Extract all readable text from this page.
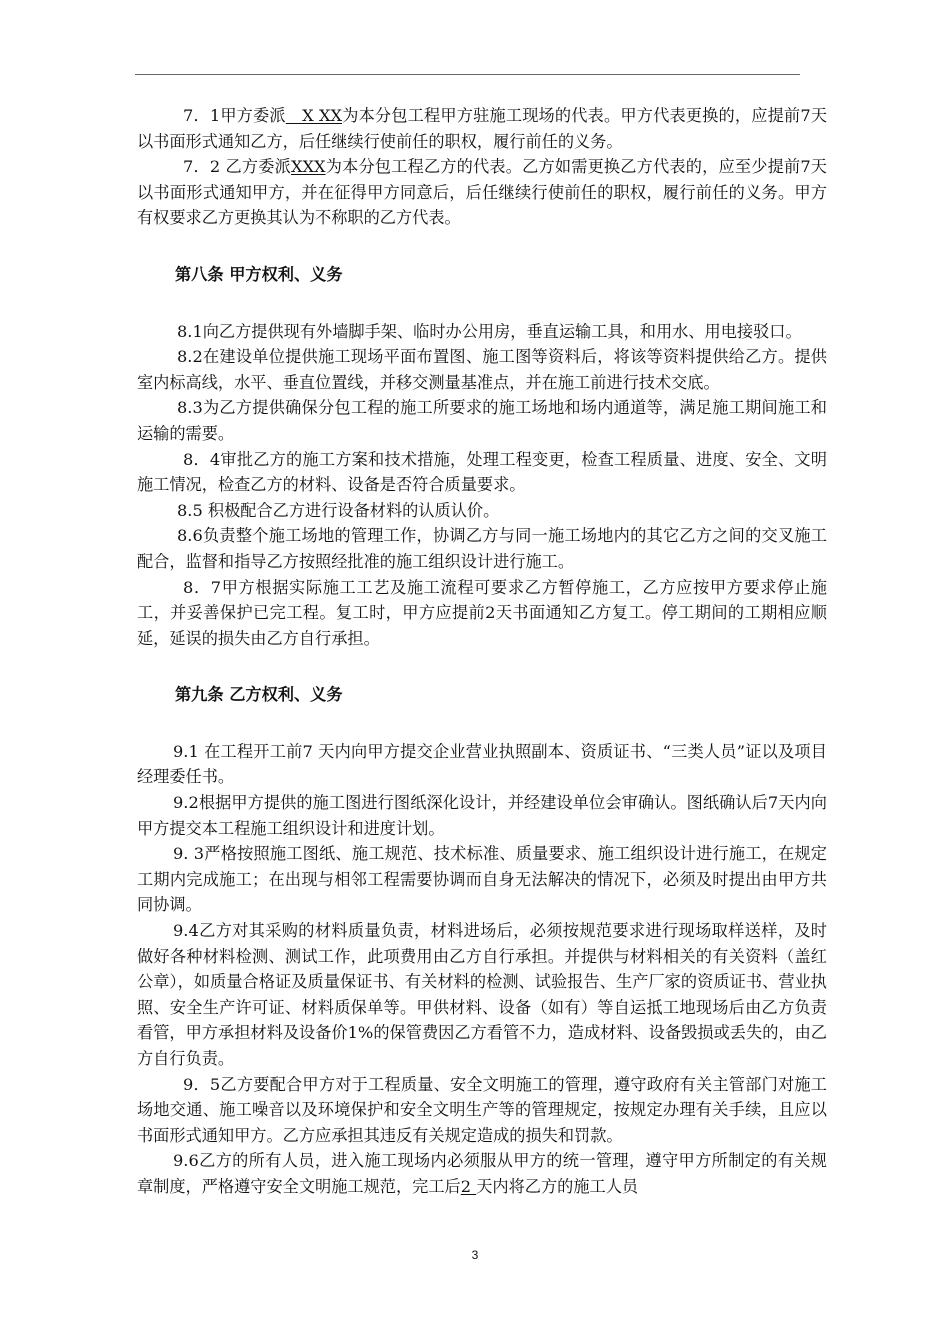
7．1甲方委派　X XX为本分包工程甲方驻施工现场的代表。甲方代表更换的，应提前7天以书面形式通知乙方，后任继续行使前任的职权，履行前任的义务。

7．2 乙方委派XXX为本分包工程乙方的代表。乙方如需更换乙方代表的，应至少提前7天以书面形式通知甲方，并在征得甲方同意后，后任继续行使前任的职权，履行前任的义务。甲方有权要求乙方更换其认为不称职的乙方代表。

第八条 甲方权利、义务

8.1向乙方提供现有外墙脚手架、临时办公用房，垂直运输工具，和用水、用电接驳口。

8.2在建设单位提供施工现场平面布置图、施工图等资料后，将该等资料提供给乙方。提供室内标高线，水平、垂直位置线，并移交测量基准点，并在施工前进行技术交底。

8.3为乙方提供确保分包工程的施工所要求的施工场地和场内通道等，满足施工期间施工和运输的需要。

8．4审批乙方的施工方案和技术措施，处理工程变更，检查工程质量、进度、安全、文明施工情况，检查乙方的材料、设备是否符合质量要求。

8.5 积极配合乙方进行设备材料的认质认价。

8.6负责整个施工场地的管理工作，协调乙方与同一施工场地内的其它乙方之间的交叉施工配合，监督和指导乙方按照经批准的施工组织设计进行施工。

8．7甲方根据实际施工工艺及施工流程可要求乙方暂停施工，乙方应按甲方要求停止施工，并妥善保护已完工程。复工时，甲方应提前2天书面通知乙方复工。停工期间的工期相应顺延，延误的损失由乙方自行承担。

第九条 乙方权利、义务

9.1 在工程开工前7 天内向甲方提交企业营业执照副本、资质证书、“三类人员”证以及项目经理委任书。

9.2根据甲方提供的施工图进行图纸深化设计，并经建设单位会审确认。图纸确认后7天内向甲方提交本工程施工组织设计和进度计划。

9. 3严格按照施工图纸、施工规范、技术标准、质量要求、施工组织设计进行施工，在规定工期内完成施工；在出现与相邻工程需要协调而自身无法解决的情况下，必须及时提出由甲方共同协调。

9.4乙方对其采购的材料质量负责，材料进场后，必须按规范要求进行现场取样送样，及时做好各种材料检测、测试工作，此项费用由乙方自行承担。并提供与材料相关的有关资料（盖红公章），如质量合格证及质量保证书、有关材料的检测、试验报告、生产厂家的资质证书、营业执照、安全生产许可证、材料质保单等。甲供材料、设备（如有）等自运抵工地现场后由乙方负责看管，甲方承担材料及设备价1%的保管费因乙方看管不力，造成材料、设备毁损或丢失的，由乙方自行负责。

9．5乙方要配合甲方对于工程质量、安全文明施工的管理，遵守政府有关主管部门对施工场地交通、施工噪音以及环境保护和安全文明生产等的管理规定，按规定办理有关手续，且应以书面形式通知甲方。乙方应承担其违反有关规定造成的损失和罚款。

9.6乙方的所有人员，进入施工现场内必须服从甲方的统一管理，遵守甲方所制定的有关规章制度，严格遵守安全文明施工规范，完工后2 天内将乙方的施工人员

3
